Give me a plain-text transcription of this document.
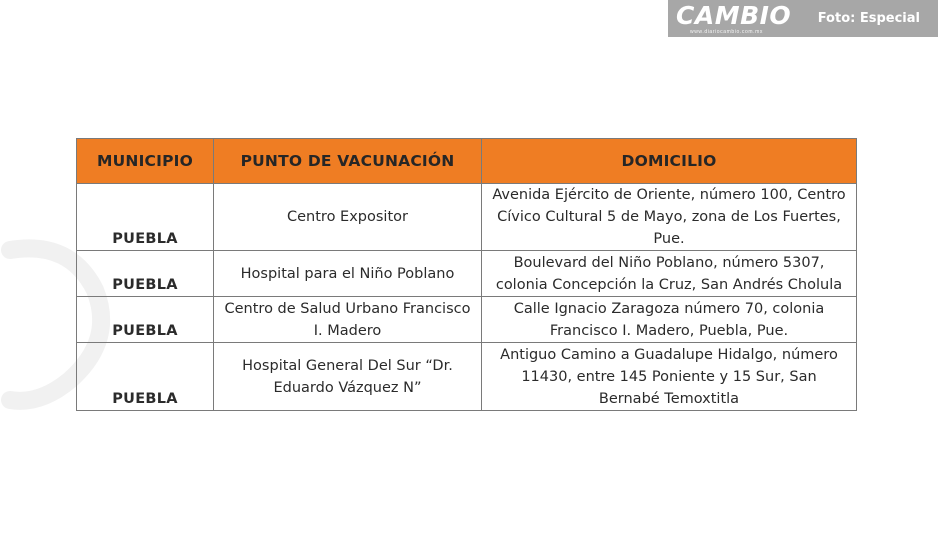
CAMBIO
www.diariocambio.com.mx
Foto: Especial
MUNICIPIO	PUNTO DE VACUNACIÓN	DOMICILIO
PUEBLA	Centro Expositor	Avenida Ejército de Oriente, número 100, Centro Cívico Cultural 5 de Mayo, zona de Los Fuertes, Pue.
PUEBLA	Hospital para el Niño Poblano	Boulevard del Niño Poblano, número 5307, colonia Concepción la Cruz, San Andrés Cholula
PUEBLA	Centro de Salud Urbano Francisco I. Madero	Calle Ignacio Zaragoza número 70, colonia Francisco I. Madero, Puebla, Pue.
PUEBLA	Hospital General Del Sur “Dr. Eduardo Vázquez N”	Antiguo Camino a Guadalupe Hidalgo, número 11430, entre 145 Poniente y 15 Sur, San Bernabé Temoxtitla
